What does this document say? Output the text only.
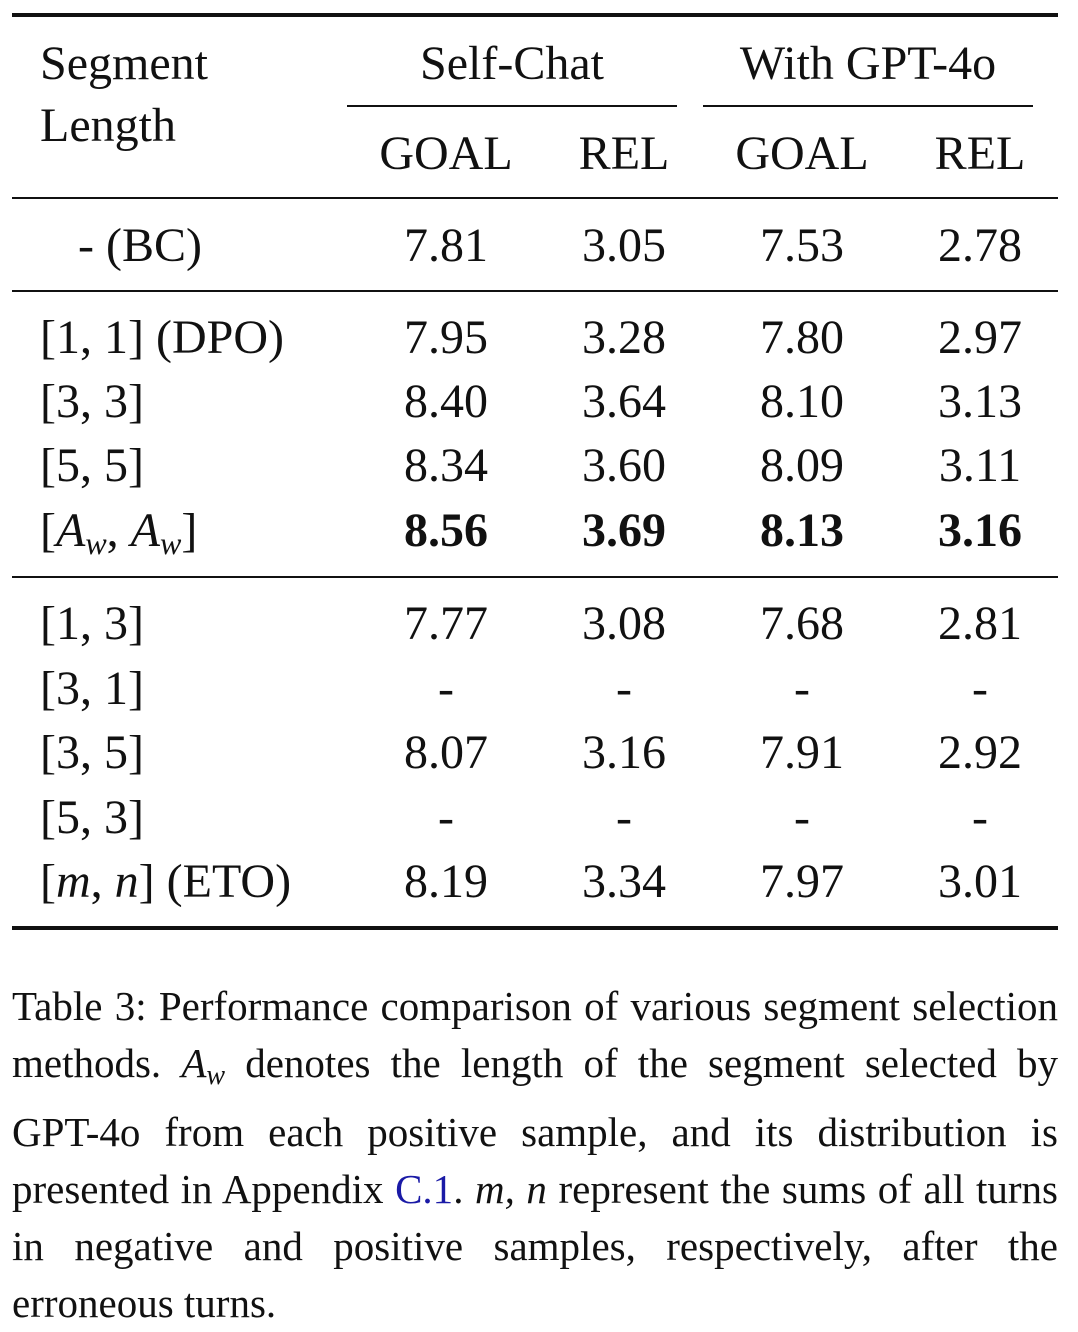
Segment
Length
Self-Chat	With GPT-4o
GOAL	REL	GOAL	REL
- (BC)	7.81	3.05	7.53	2.78
[1, 1] (DPO)	7.95	3.28	7.80	2.97
[3, 3]	8.40	3.64	8.10	3.13
[5, 5]	8.34	3.60	8.09	3.11
[$A_w$, $A_w$]	8.56	3.69	8.13	3.16
[1, 3]	7.77	3.08	7.68	2.81
[3, 1]	-	-	-	-
[3, 5]	8.07	3.16	7.91	2.92
[5, 3]	-	-	-	-
[m, n] (ETO)	8.19	3.34	7.97	3.01
Table 3: Performance comparison of various segment selection methods. $A_w$ denotes the length of the segment selected by GPT-4o from each positive sample, and its distribution is presented in Appendix C.1. m, n represent the sums of all turns in negative and positive samples, respectively, after the erroneous turns.
